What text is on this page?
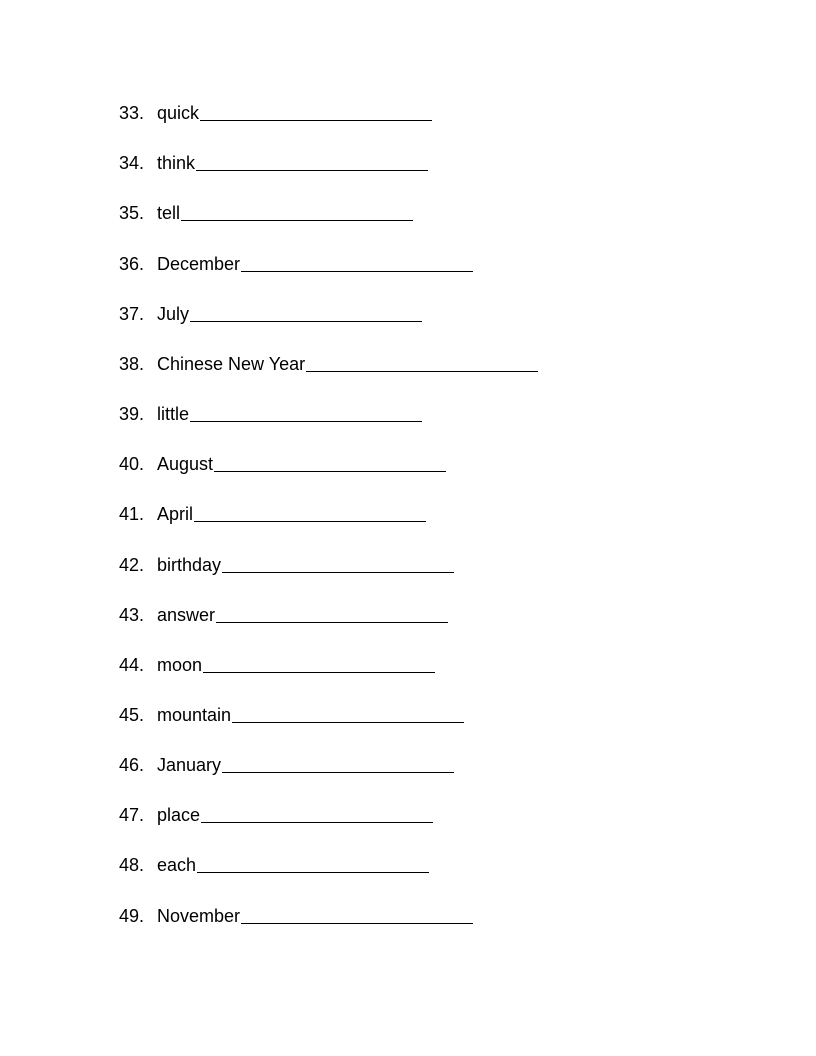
33. quick
34. think
35. tell
36. December
37. July
38. Chinese New Year
39. little
40. August
41. April
42. birthday
43. answer
44. moon
45. mountain
46. January
47. place
48. each
49. November
